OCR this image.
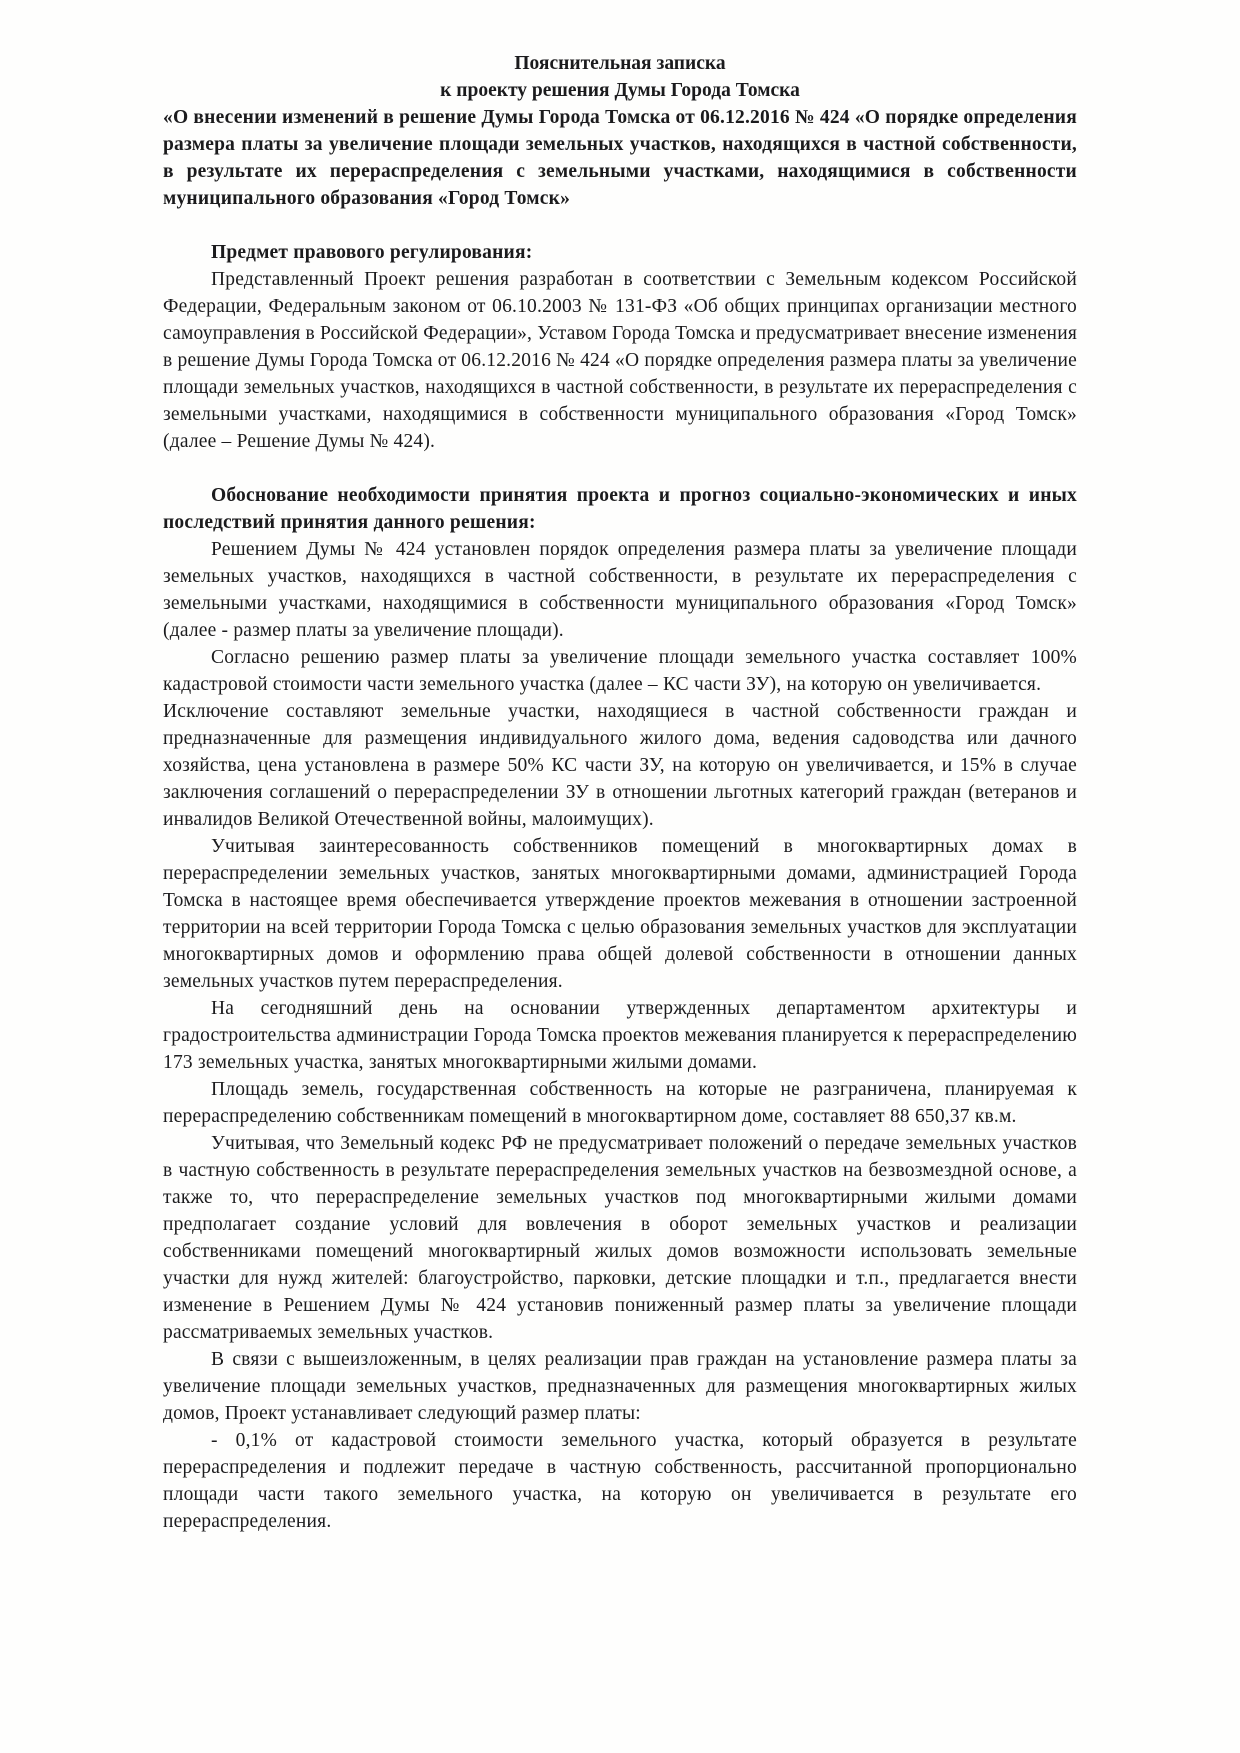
Пояснительная записка
к проекту решения Думы Города Томска

«О внесении изменений в решение Думы Города Томска от 06.12.2016 № 424 «О порядке определения размера платы за увеличение площади земельных участков, находящихся в частной собственности, в результате их перераспределения с земельными участками, находящимися в собственности муниципального образования «Город Томск»

Предмет правового регулирования:

Представленный Проект решения разработан в соответствии с Земельным кодексом Российской Федерации, Федеральным законом от 06.10.2003 № 131-ФЗ «Об общих принципах организации местного самоуправления в Российской Федерации», Уставом Города Томска и предусматривает внесение изменения в решение Думы Города Томска от 06.12.2016 № 424 «О порядке определения размера платы за увеличение площади земельных участков, находящихся в частной собственности, в результате их перераспределения с земельными участками, находящимися в собственности муниципального образования «Город Томск» (далее – Решение Думы № 424).

Обоснование необходимости принятия проекта и прогноз социально-экономических и иных последствий принятия данного решения:

Решением Думы № 424 установлен порядок определения размера платы за увеличение площади земельных участков, находящихся в частной собственности, в результате их перераспределения с земельными участками, находящимися в собственности муниципального образования «Город Томск» (далее - размер платы за увеличение площади).

Согласно решению размер платы за увеличение площади земельного участка составляет 100% кадастровой стоимости части земельного участка (далее – КС части ЗУ), на которую он увеличивается.

Исключение составляют земельные участки, находящиеся в частной собственности граждан и предназначенные для размещения индивидуального жилого дома, ведения садоводства или дачного хозяйства, цена установлена в размере 50% КС части ЗУ, на которую он увеличивается, и 15% в случае заключения соглашений о перераспределении ЗУ в отношении льготных категорий граждан (ветеранов и инвалидов Великой Отечественной войны, малоимущих).

Учитывая заинтересованность собственников помещений в многоквартирных домах в перераспределении земельных участков, занятых многоквартирными домами, администрацией Города Томска в настоящее время обеспечивается утверждение проектов межевания в отношении застроенной территории на всей территории Города Томска с целью образования земельных участков для эксплуатации многоквартирных домов и оформлению права общей долевой собственности в отношении данных земельных участков путем перераспределения.

На сегодняшний день на основании утвержденных департаментом архитектуры и градостроительства администрации Города Томска проектов межевания планируется к перераспределению 173 земельных участка, занятых многоквартирными жилыми домами.

Площадь земель, государственная собственность на которые не разграничена, планируемая к перераспределению собственникам помещений в многоквартирном доме, составляет 88 650,37 кв.м.

Учитывая, что Земельный кодекс РФ не предусматривает положений о передаче земельных участков в частную собственность в результате перераспределения земельных участков на безвозмездной основе, а также то, что перераспределение земельных участков под многоквартирными жилыми домами предполагает создание условий для вовлечения в оборот земельных участков и реализации собственниками помещений многоквартирный жилых домов возможности использовать земельные участки для нужд жителей: благоустройство, парковки, детские площадки и т.п., предлагается внести изменение в Решением Думы № 424 установив пониженный размер платы за увеличение площади рассматриваемых земельных участков.

В связи с вышеизложенным, в целях реализации прав граждан на установление размера платы за увеличение площади земельных участков, предназначенных для размещения многоквартирных жилых домов, Проект устанавливает следующий размер платы:

- 0,1% от кадастровой стоимости земельного участка, который образуется в результате перераспределения и подлежит передаче в частную собственность, рассчитанной пропорционально площади части такого земельного участка, на которую он увеличивается в результате его перераспределения.
